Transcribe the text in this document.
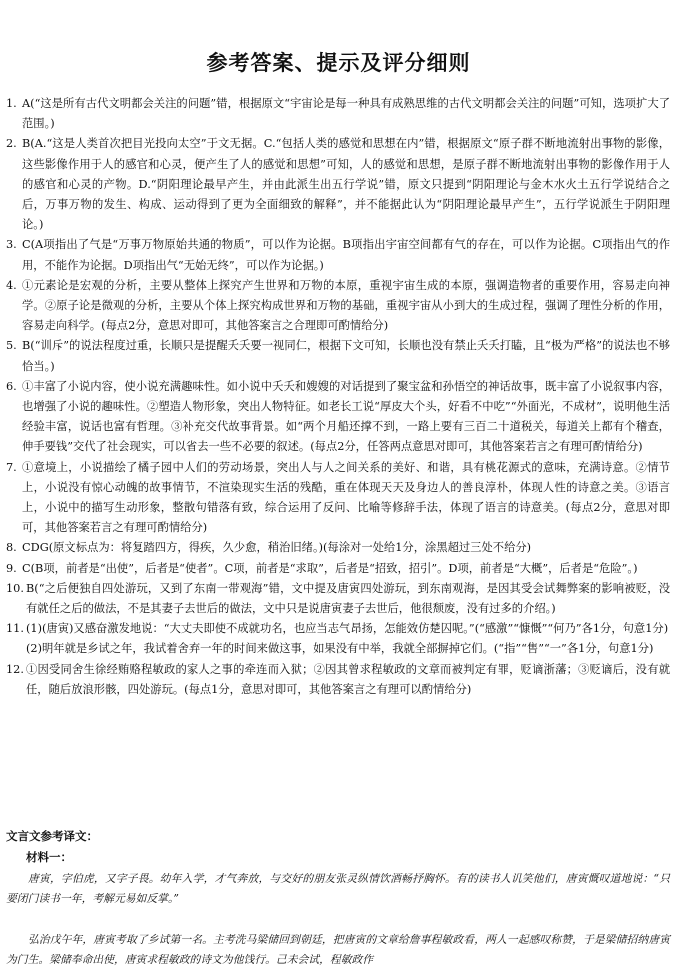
参考答案、提示及评分细则

1. A(“这是所有古代文明都会关注的问题”错，根据原文“宇宙论是每一种具有成熟思维的古代文明都会关注的问题”可知，选项扩大了范围。)

2. B(A.“这是人类首次把目光投向太空”于文无据。C.“包括人类的感觉和思想在内”错，根据原文“原子群不断地流射出事物的影像，这些影像作用于人的感官和心灵，便产生了人的感觉和思想”可知，人的感觉和思想，是原子群不断地流射出事物的影像作用于人的感官和心灵的产物。D.“阴阳理论最早产生，并由此派生出五行学说”错，原文只提到“阴阳理论与金木水火土五行学说结合之后，万事万物的发生、构成、运动得到了更为全面细致的解释”，并不能据此认为“阴阳理论最早产生”，五行学说派生于阴阳理论。)

3. C(A项指出了气是“万事万物原始共通的物质”，可以作为论据。B项指出宇宙空间都有气的存在，可以作为论据。C项指出气的作用，不能作为论据。D项指出气“无始无终”，可以作为论据。)

4. ①元素论是宏观的分析，主要从整体上探究产生世界和万物的本原，重视宇宙生成的本原，强调造物者的重要作用，容易走向神学。②原子论是微观的分析，主要从个体上探究构成世界和万物的基础，重视宇宙从小到大的生成过程，强调了理性分析的作用，容易走向科学。(每点2分，意思对即可，其他答案言之合理即可酌情给分)

5. B(“训斥”的说法程度过重，长顺只是提醒夭夭要一视同仁，根据下文可知，长顺也没有禁止夭夭打瞌，且“极为严格”的说法也不够恰当。)

6. ①丰富了小说内容，使小说充满趣味性。如小说中夭夭和嫂嫂的对话提到了聚宝盆和孙悟空的神话故事，既丰富了小说叙事内容，也增强了小说的趣味性。②塑造人物形象，突出人物特征。如老长工说“厚皮大个头，好看不中吃”“外面光，不成材”，说明他生活经验丰富，说话也富有哲理。③补充交代故事背景。如“两个月船还撑不到，一路上要有三百二十道税关，每道关上都有个稽查，伸手要钱”交代了社会现实，可以省去一些不必要的叙述。(每点2分，任答两点意思对即可，其他答案若言之有理可酌情给分)

7. ①意境上，小说描绘了橘子园中人们的劳动场景，突出人与人之间关系的美好、和谐，具有桃花源式的意味，充满诗意。②情节上，小说没有惊心动魄的故事情节，不渲染现实生活的残酷，重在体现天天及身边人的善良淳朴，体现人性的诗意之美。③语言上，小说中的描写生动形象，整散句错落有致，综合运用了反问、比喻等修辞手法，体现了语言的诗意美。(每点2分，意思对即可，其他答案若言之有理可酌情给分)

8. CDG(原文标点为：将复踏四方，得疾，久少愈，稍治旧绪。)(每涂对一处给1分，涂黑超过三处不给分)

9. C(B项，前者是“出使”，后者是“使者”。C项，前者是“求取”，后者是“招致，招引”。D项，前者是“大概”，后者是“危险”。)

10. B(“之后便独自四处游玩，又到了东南一带观海”错，文中提及唐寅四处游玩，到东南观海，是因其受会试舞弊案的影响被贬，没有就任之后的做法，不是其妻子去世后的做法，文中只是说唐寅妻子去世后，他很颓废，没有过多的介绍。)

11. (1)(唐寅)又感奋激发地说：“大丈夫即使不成就功名，也应当志气昂扬，怎能效仿楚囚呢。”(“感激”“慷慨”“何乃”各1分，句意1分)
(2)明年就是乡试之年，我试着舍弃一年的时间来做这事，如果没有中举，我就全部摒掉它们。(“指”“售”“一”各1分，句意1分)

12. ①因受同舍生徐经贿赂程敏政的家人之事的牵连而入狱；②因其曾求程敏政的文章而被判定有罪，贬谪浙藩；③贬谪后，没有就任，随后放浪形骸，四处游玩。(每点1分，意思对即可，其他答案言之有理可以酌情给分)

文言文参考译文：
材料一：

唐寅，字伯虎，又字子畏。幼年入学，才气奔放，与交好的朋友张灵纵情饮酒畅抒胸怀。有的读书人讥笑他们，唐寅慨叹道地说：“只要闭门读书一年，考解元易如反掌。”

弘治戊午年，唐寅考取了乡试第一名。主考洗马梁储回到朝廷，把唐寅的文章给詹事程敏政看，两人一起感叹称赞，于是梁储招纳唐寅为门生。梁储奉命出使，唐寅求程敏政的诗文为他饯行。己未会试，程敏政作
